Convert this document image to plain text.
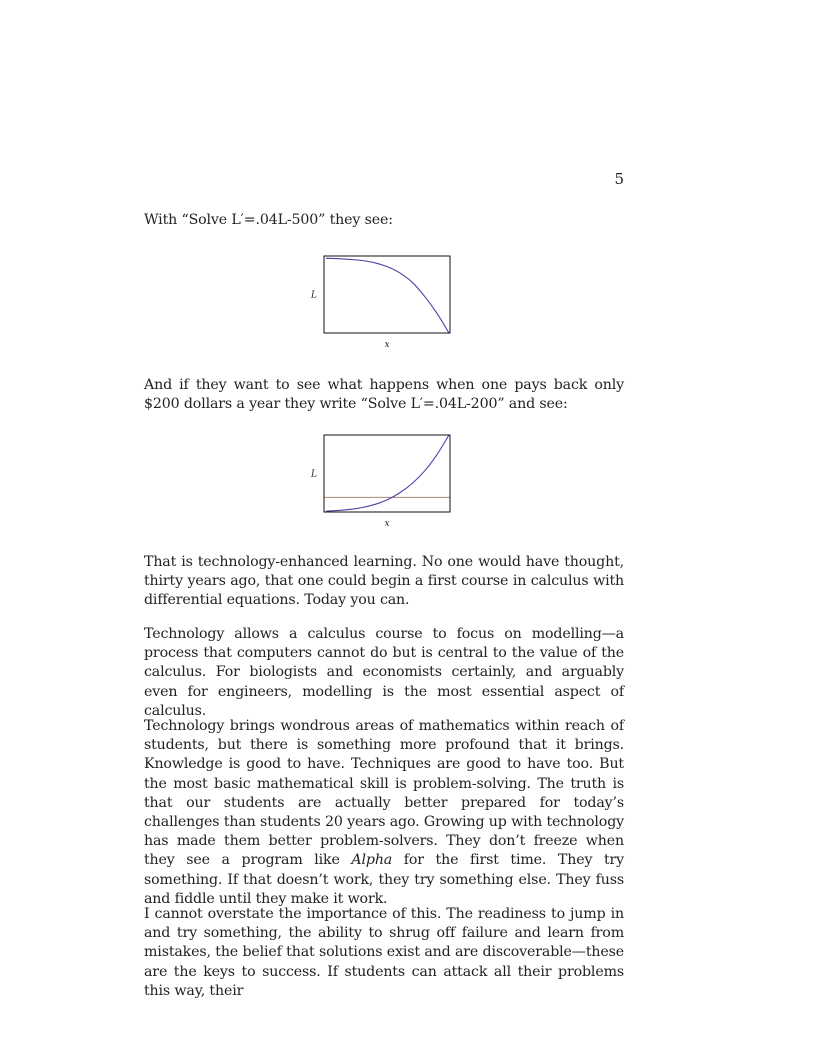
5

With “Solve L′=.04L-500” they see:

L
x

And if they want to see what happens when one pays back only $200 dollars a year they write “Solve L′=.04L-200” and see:

L
x

That is technology-enhanced learning. No one would have thought, thirty years ago, that one could begin a first course in calculus with differential equations. Today you can.

Technology allows a calculus course to focus on modelling—a process that computers cannot do but is central to the value of the calculus. For biologists and economists certainly, and arguably even for engineers, modelling is the most essential aspect of calculus.

Technology brings wondrous areas of mathematics within reach of students, but there is something more profound that it brings. Knowledge is good to have. Techniques are good to have too. But the most basic mathematical skill is problem-solving. The truth is that our students are actually better prepared for today’s challenges than students 20 years ago. Growing up with technology has made them better problem-solvers. They don’t freeze when they see a program like Alpha for the first time. They try something. If that doesn’t work, they try something else. They fuss and fiddle until they make it work.

I cannot overstate the importance of this. The readiness to jump in and try something, the ability to shrug off failure and learn from mistakes, the belief that solutions exist and are discoverable—these are the keys to success. If students can attack all their problems this way, their
